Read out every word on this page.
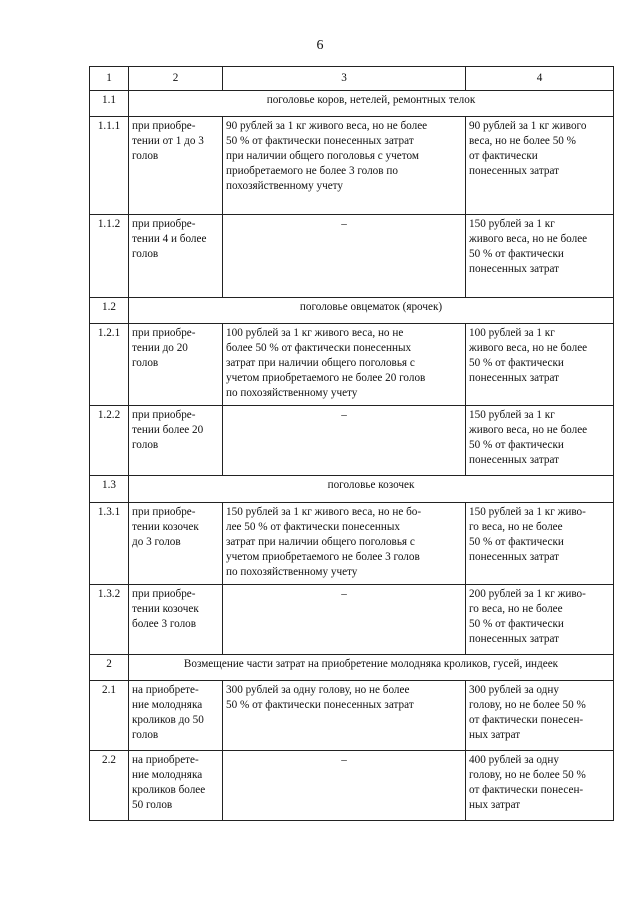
6
1	2	3	4
1.1	поголовье коров, нетелей, ремонтных телок		
1.1.1	при приобре-
тении от 1 до 3
голов	90 рублей за 1 кг живого веса, но не более
50 % от фактически понесенных затрат
при наличии общего поголовья с учетом
приобретаемого не более 3 голов по
похозяйственному учету	90 рублей за 1 кг живого
веса, но не более 50 %
от фактически
понесенных затрат
1.1.2	при приобре-
тении 4 и более
голов	–	150 рублей за 1 кг
живого веса, но не более
50 % от фактически
понесенных затрат
1.2	поголовье овцематок (ярочек)		
1.2.1	при приобре-
тении до 20
голов	100 рублей за 1 кг живого веса, но не
более 50 % от фактически понесенных
затрат при наличии общего поголовья с
учетом приобретаемого не более 20 голов
по похозяйственному учету	100 рублей за 1 кг
живого веса, но не более
50 % от фактически
понесенных затрат
1.2.2	при приобре-
тении более 20
голов	–	150 рублей за 1 кг
живого веса, но не более
50 % от фактически
понесенных затрат
1.3	поголовье козочек		
1.3.1	при приобре-
тении козочек
до 3 голов	150 рублей за 1 кг живого веса, но не бо-
лее 50 % от фактически понесенных
затрат при наличии общего поголовья с
учетом приобретаемого не более 3 голов
по похозяйственному учету	150 рублей за 1 кг живо-
го веса, но не более
50 % от фактически
понесенных затрат
1.3.2	при приобре-
тении козочек
более 3 голов	–	200 рублей за 1 кг живо-
го веса, но не более
50 % от фактически
понесенных затрат
2	Возмещение части затрат на приобретение молодняка кроликов, гусей, индеек		
2.1	на приобрете-
ние молодняка
кроликов до 50
голов	300 рублей за одну голову, но не более
50 % от фактически понесенных затрат	300 рублей за одну
голову, но не более 50 %
от фактически понесен-
ных затрат
2.2	на приобрете-
ние молодняка
кроликов более
50 голов	–	400 рублей за одну
голову, но не более 50 %
от фактически понесен-
ных затрат
